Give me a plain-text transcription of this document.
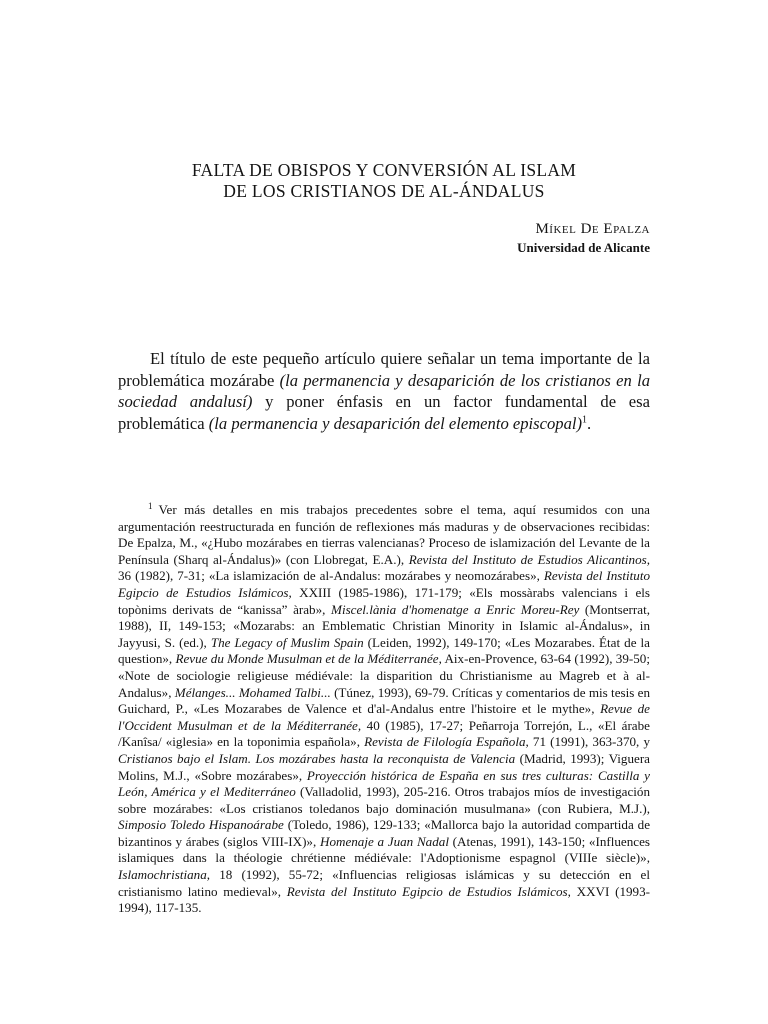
FALTA DE OBISPOS Y CONVERSIÓN AL ISLAM
DE LOS CRISTIANOS DE AL-ÁNDALUS
Míkel De Epalza
Universidad de Alicante

El título de este pequeño artículo quiere señalar un tema importante de la problemática mozárabe (la permanencia y desaparición de los cristianos en la sociedad andalusí) y poner énfasis en un factor fundamental de esa problemática (la permanencia y desaparición del elemento episcopal)$^1$.

$^1$ Ver más detalles en mis trabajos precedentes sobre el tema, aquí resumidos con una argumentación reestructurada en función de reflexiones más maduras y de observaciones recibidas: De Epalza, M., «¿Hubo mozárabes en tierras valencianas? Proceso de islamización del Levante de la Península (Sharq al-Ándalus)» (con Llobregat, E.A.), Revista del Instituto de Estudios Alicantinos, 36 (1982), 7-31; «La islamización de al-Andalus: mozárabes y neomozárabes», Revista del Instituto Egipcio de Estudios Islámicos, XXIII (1985-1986), 171-179; «Els mossàrabs valencians i els topònims derivats de “kanissa” àrab», Miscel.lània d'homenatge a Enric Moreu-Rey (Montserrat, 1988), II, 149-153; «Mozarabs: an Emblematic Christian Minority in Islamic al-Ándalus», in Jayyusi, S. (ed.), The Legacy of Muslim Spain (Leiden, 1992), 149-170; «Les Mozarabes. État de la question», Revue du Monde Musulman et de la Méditerranée, Aix-en-Provence, 63-64 (1992), 39-50; «Note de sociologie religieuse médiévale: la disparition du Christianisme au Magreb et à al-Andalus», Mélanges... Mohamed Talbi... (Túnez, 1993), 69-79. Críticas y comentarios de mis tesis en Guichard, P., «Les Mozarabes de Valence et d'al-Andalus entre l'histoire et le mythe», Revue de l'Occident Musulman et de la Méditerranée, 40 (1985), 17-27; Peñarroja Torrejón, L., «El árabe /Kanîsa/ «iglesia» en la toponimia española», Revista de Filología Española, 71 (1991), 363-370, y Cristianos bajo el Islam. Los mozárabes hasta la reconquista de Valencia (Madrid, 1993); Viguera Molins, M.J., «Sobre mozárabes», Proyección histórica de España en sus tres culturas: Castilla y León, América y el Mediterráneo (Valladolid, 1993), 205-216. Otros trabajos míos de investigación sobre mozárabes: «Los cristianos toledanos bajo dominación musulmana» (con Rubiera, M.J.), Simposio Toledo Hispanoárabe (Toledo, 1986), 129-133; «Mallorca bajo la autoridad compartida de bizantinos y árabes (siglos VIII-IX)», Homenaje a Juan Nadal (Atenas, 1991), 143-150; «Influences islamiques dans la théologie chrétienne médiévale: l'Adoptionisme espagnol (VIIIe siècle)», Islamochristiana, 18 (1992), 55-72; «Influencias religiosas islámicas y su detección en el cristianismo latino medieval», Revista del Instituto Egipcio de Estudios Islámicos, XXVI (1993-1994), 117-135.
